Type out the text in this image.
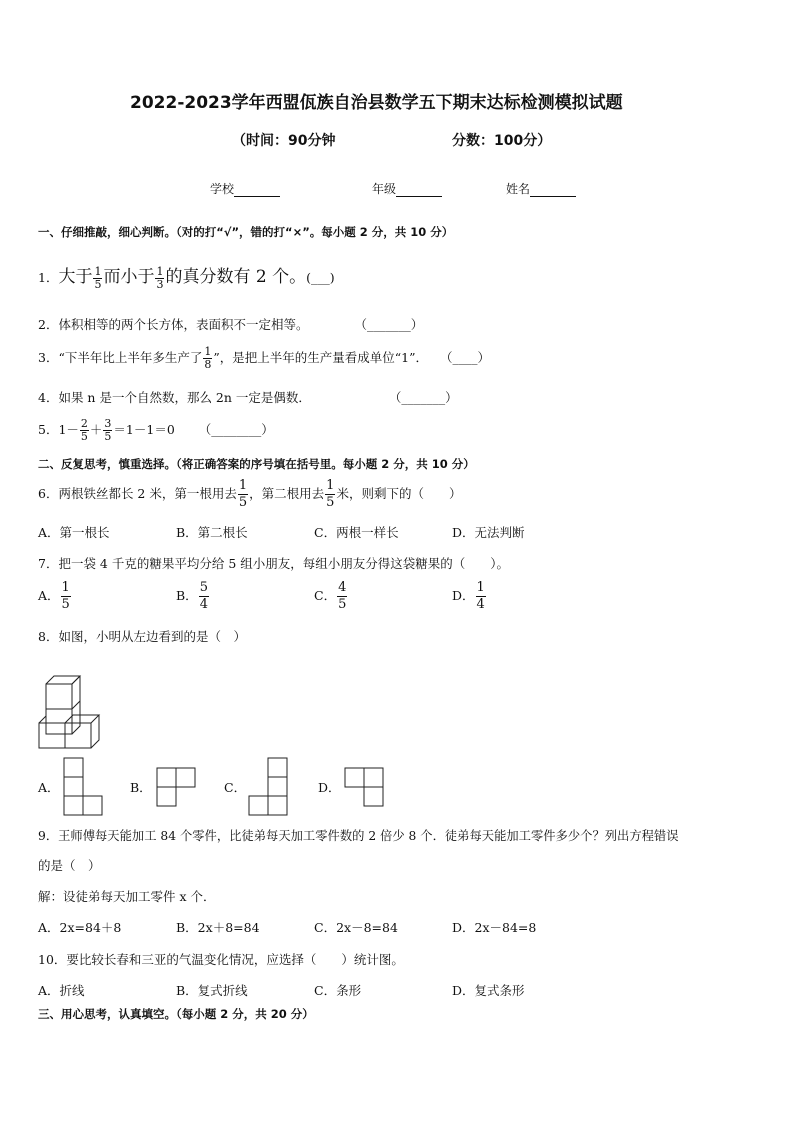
2022-2023学年西盟佤族自治县数学五下期末达标检测模拟试题
（时间：90分钟	分数：100分）
学校	年级	姓名
一、仔细推敲，细心判断。（对的打“√”，错的打“×”。每小题 2 分，共 10 分）
1．大于 $\frac{1}{5}$ 而小于 $\frac{1}{3}$ 的真分数有 2 个。(___)
2．体积相等的两个长方体，表面积不一定相等。	（_______）
3．“下半年比上半年多生产了 $\frac{1}{8}$ ”，是把上半年的生产量看成单位“1”． （____）
4．如果 n 是一个自然数，那么 2n 一定是偶数．	（_______）
5．$1- \frac{2}{5} + \frac{3}{5} =1-1=0$ （________）
二、反复思考，慎重选择。（将正确答案的序号填在括号里。每小题 2 分，共 10 分）
6．两根铁丝都长 2 米，第一根用去 $\frac{1}{5}$ ，第二根用去 $\frac{1}{5}$ 米，则剩下的（　　）
A．第一根长	B．第二根长	C．两根一样长	D．无法判断
7．把一袋 4 千克的糖果平均分给 5 组小朋友，每组小朋友分得这袋糖果的（　　）。
A． $\frac{1}{5}$	B． $\frac{5}{4}$	C． $\frac{4}{5}$	D． $\frac{1}{4}$
8．如图，小明从左边看到的是（　）
A．	B．	C．	D．
9．王师傅每天能加工 84 个零件，比徒弟每天加工零件数的 2 倍少 8 个．徒弟每天能加工零件多少个？列出方程错误
的是（　）
解：设徒弟每天加工零件 x 个．
A．2x=84＋8	B．2x＋8=84	C．2x－8=84	D．2x－84=8
10．要比较长春和三亚的气温变化情况，应选择（　　）统计图。
A．折线	B．复式折线	C．条形	D．复式条形
三、用心思考，认真填空。（每小题 2 分，共 20 分）
